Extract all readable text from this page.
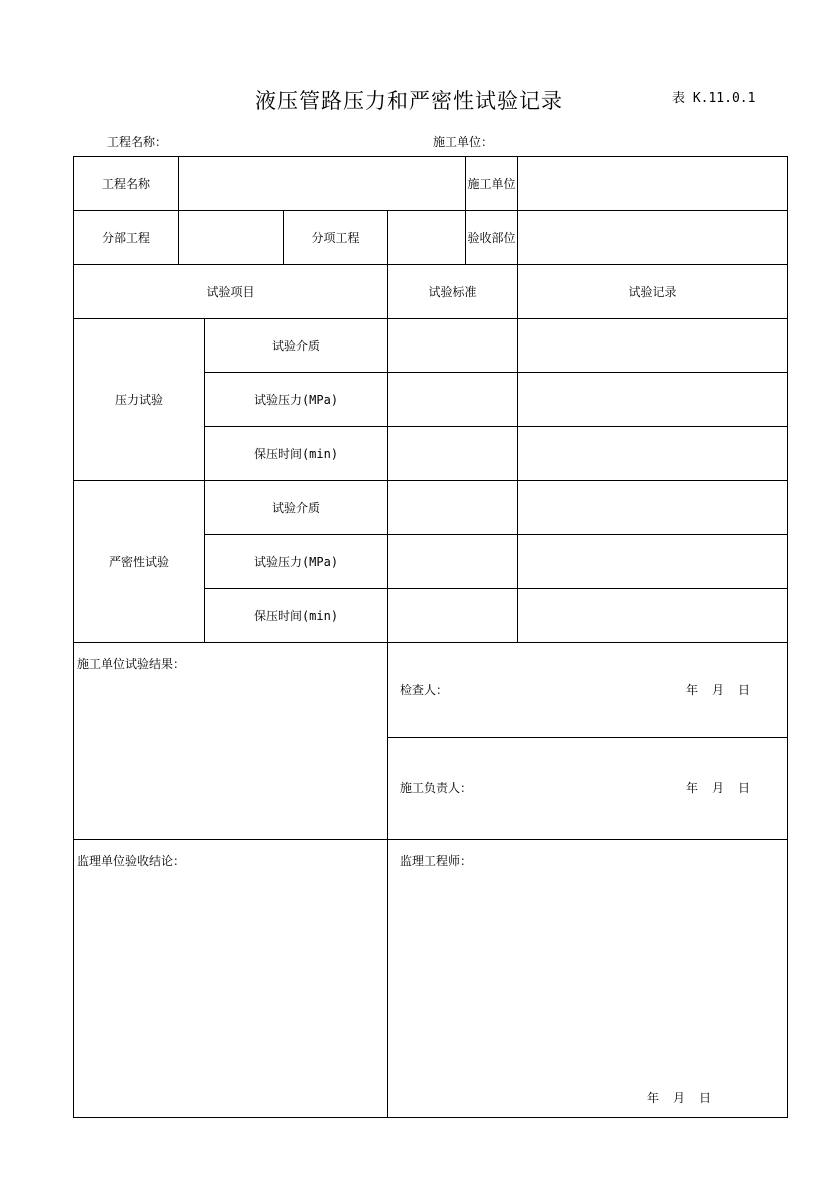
液压管路压力和严密性试验记录	表 K.11.0.1
工程名称：	施工单位：
工程名称					施工单位	
分部工程			分项工程		验收部位	
试验项目				试验标准		试验记录
压力试验		试验介质				
		试验压力(MPa)				
		保压时间(min)				
严密性试验		试验介质				
		试验压力(MPa)				
		保压时间(min)				

施工单位试验结果：				检查人： 年 月 日		

				施工负责人： 年 月 日		

监理单位验收结论：				监理工程师：
年 月 日		
